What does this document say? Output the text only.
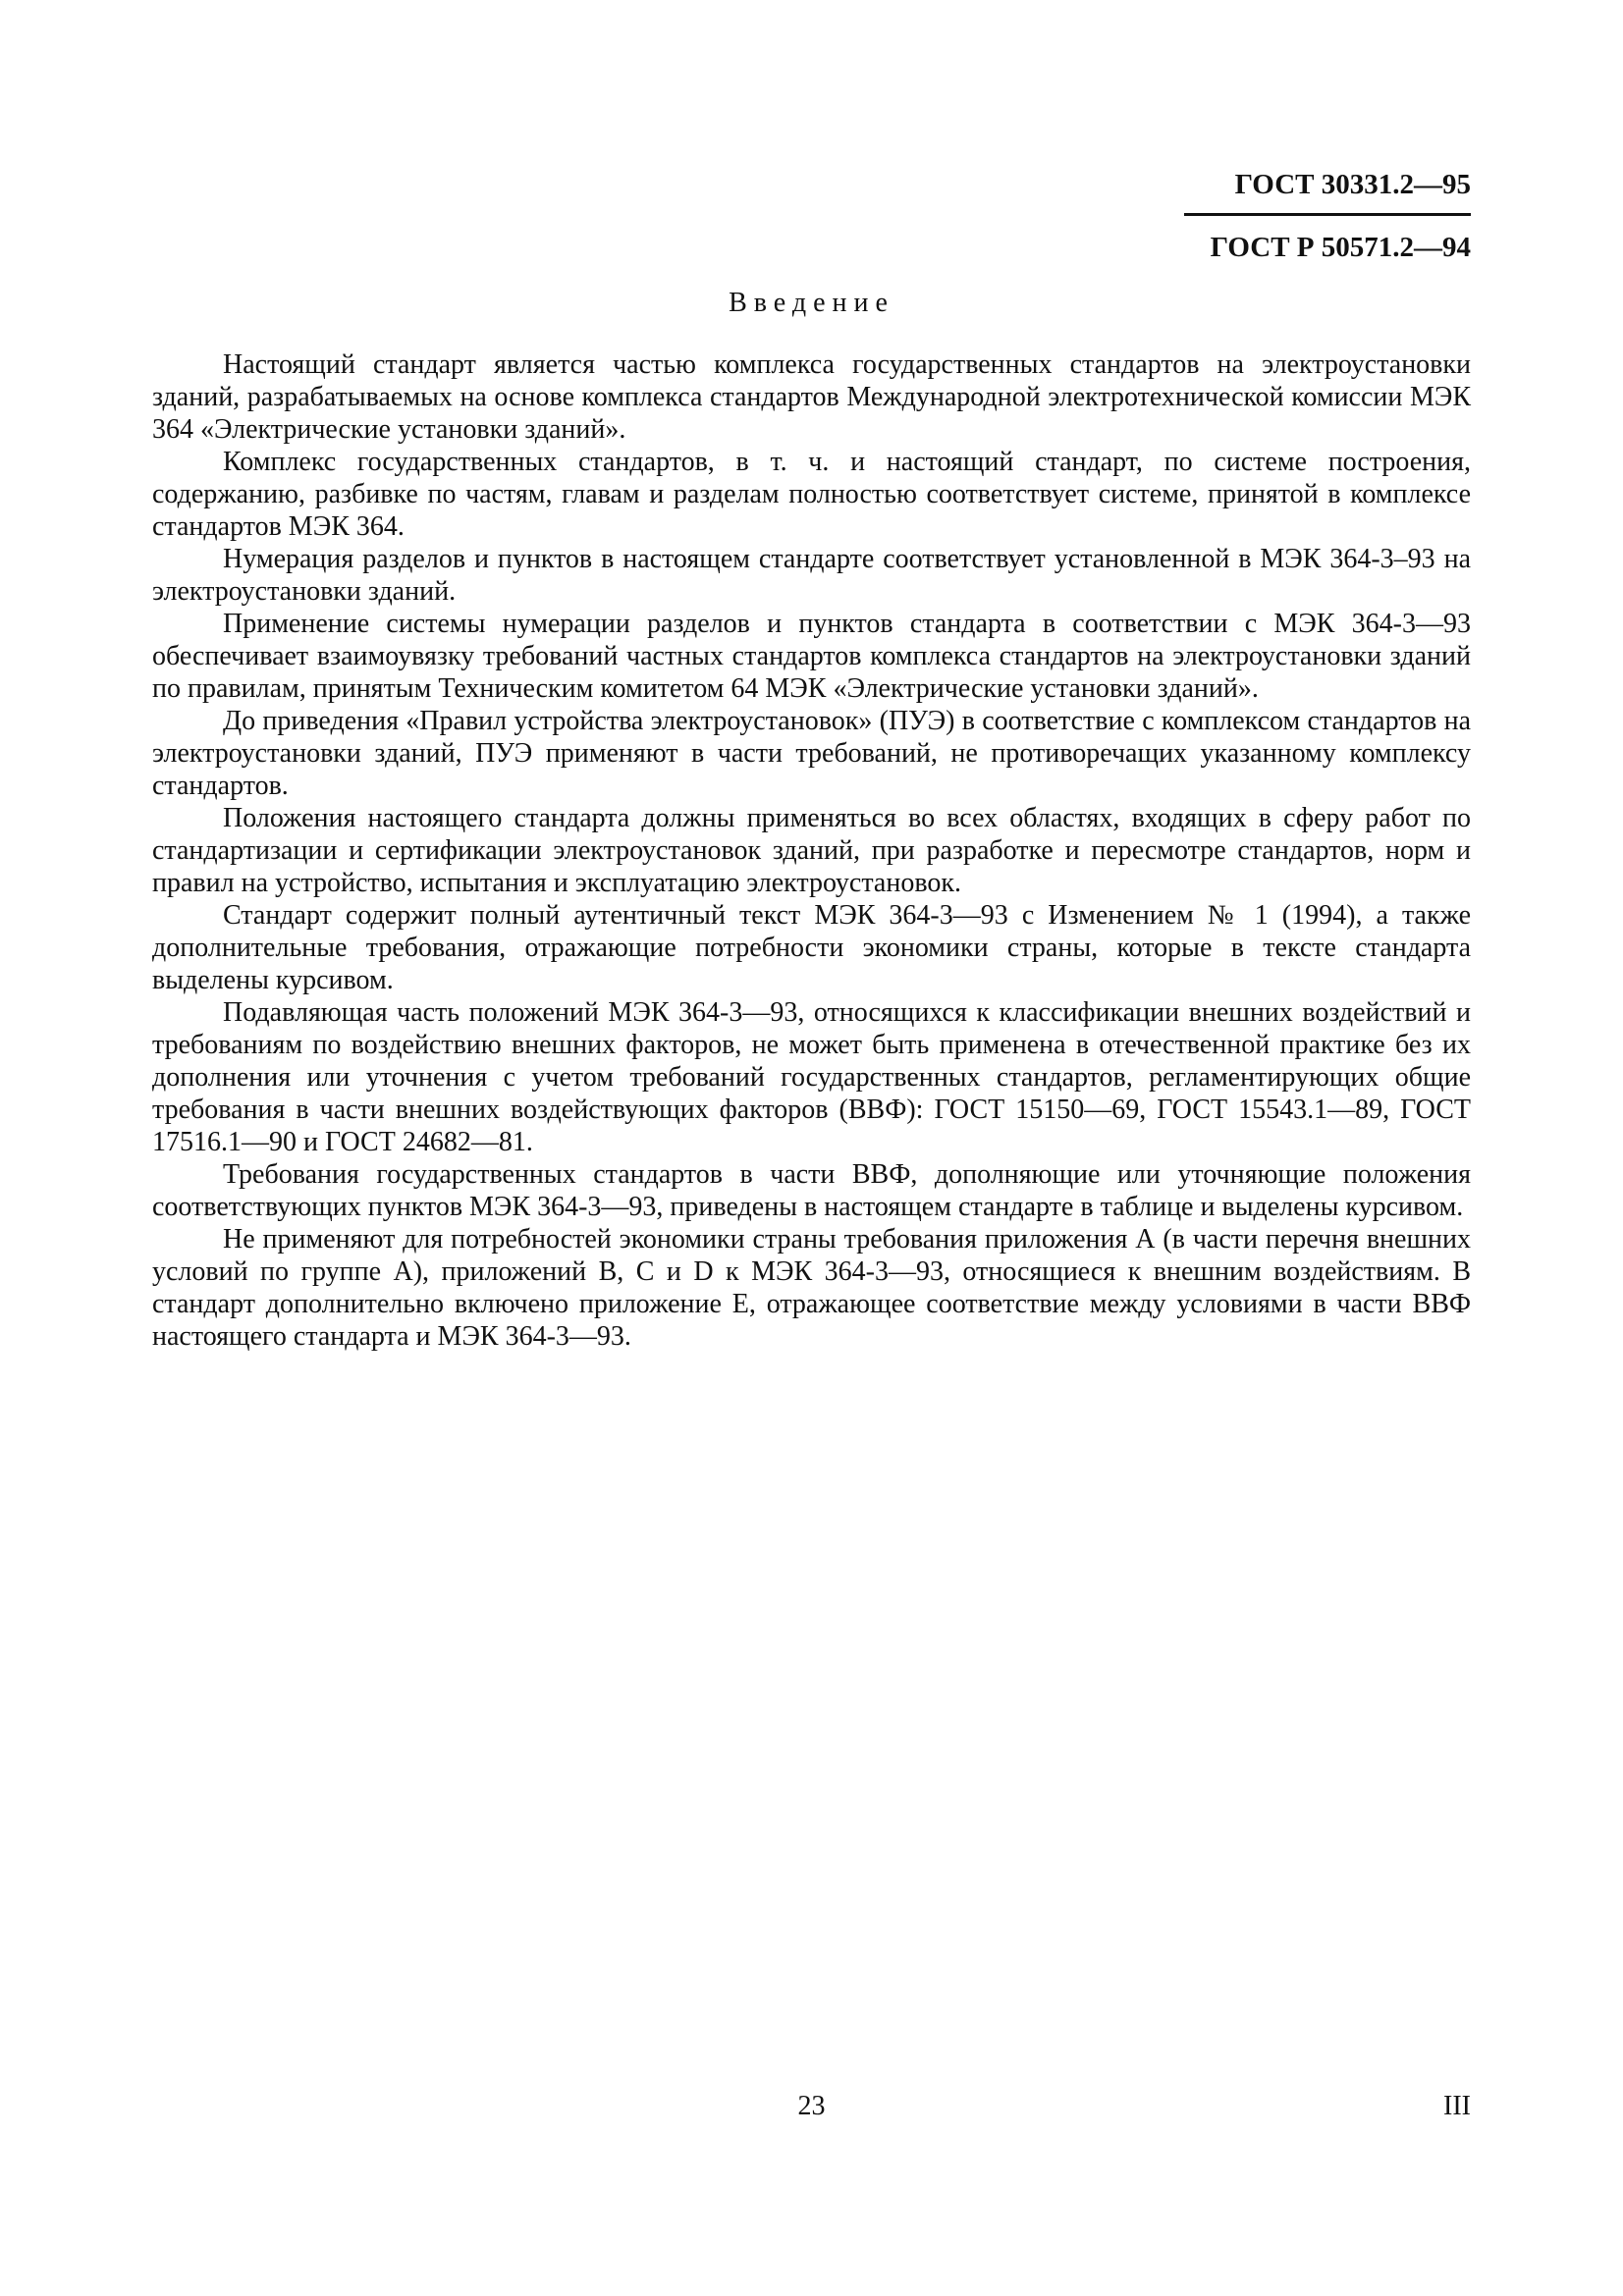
ГОСТ 30331.2—95
ГОСТ Р 50571.2—94
Введение

Настоящий стандарт является частью комплекса государственных стандартов на электроустановки зданий, разрабатываемых на основе комплекса стандартов Международной электротехнической комиссии МЭК 364 «Электрические установки зданий».

Комплекс государственных стандартов, в т. ч. и настоящий стандарт, по системе построения, содержанию, разбивке по частям, главам и разделам полностью соответствует системе, принятой в комплексе стандартов МЭК 364.

Нумерация разделов и пунктов в настоящем стандарте соответствует установленной в МЭК 364-3–93 на электроустановки зданий.

Применение системы нумерации разделов и пунктов стандарта в соответствии с МЭК 364-3—93 обеспечивает взаимоувязку требований частных стандартов комплекса стандартов на электроустановки зданий по правилам, принятым Техническим комитетом 64 МЭК «Электрические установки зданий».

До приведения «Правил устройства электроустановок» (ПУЭ) в соответствие с комплексом стандартов на электроустановки зданий, ПУЭ применяют в части требований, не противоречащих указанному комплексу стандартов.

Положения настоящего стандарта должны применяться во всех областях, входящих в сферу работ по стандартизации и сертификации электроустановок зданий, при разработке и пересмотре стандартов, норм и правил на устройство, испытания и эксплуатацию электроустановок.

Стандарт содержит полный аутентичный текст МЭК 364-3—93 с Изменением № 1 (1994), а также дополнительные требования, отражающие потребности экономики страны, которые в тексте стандарта выделены курсивом.

Подавляющая часть положений МЭК 364-3—93, относящихся к классификации внешних воздействий и требованиям по воздействию внешних факторов, не может быть применена в отечественной практике без их дополнения или уточнения с учетом требований государственных стандартов, регламентирующих общие требования в части внешних воздействующих факторов (ВВФ): ГОСТ 15150—69, ГОСТ 15543.1—89, ГОСТ 17516.1—90 и ГОСТ 24682—81.

Требования государственных стандартов в части ВВФ, дополняющие или уточняющие положения соответствующих пунктов МЭК 364-3—93, приведены в настоящем стандарте в таблице и выделены курсивом.

Не применяют для потребностей экономики страны требования приложения А (в части перечня внешних условий по группе А), приложений В, С и D к МЭК 364-3—93, относящиеся к внешним воздействиям. В стандарт дополнительно включено приложение Е, отражающее соответствие между условиями в части ВВФ настоящего стандарта и МЭК 364-3—93.

23	III
